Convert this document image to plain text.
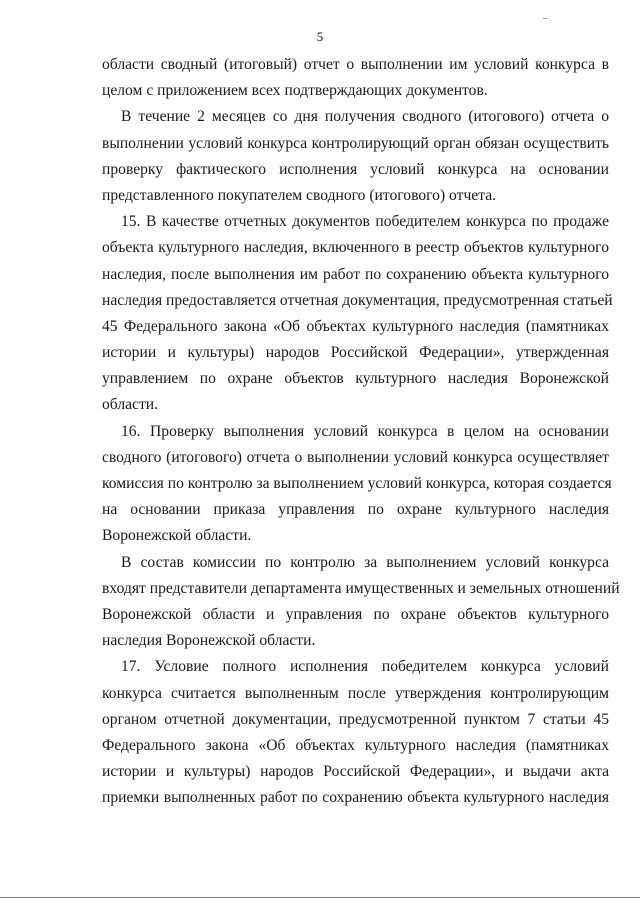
5
области сводный (итоговый) отчет о выполнении им условий конкурса в
целом с приложением всех подтверждающих документов.
В течение 2 месяцев со дня получения сводного (итогового) отчета о
выполнении условий конкурса контролирующий орган обязан осуществить
проверку фактического исполнения условий конкурса на основании
представленного покупателем сводного (итогового) отчета.
15. В качестве отчетных документов победителем конкурса по продаже
объекта культурного наследия, включенного в реестр объектов культурного
наследия, после выполнения им работ по сохранению объекта культурного
наследия предоставляется отчетная документация, предусмотренная статьей
45 Федерального закона «Об объектах культурного наследия (памятниках
истории и культуры) народов Российской Федерации», утвержденная
управлением по охране объектов культурного наследия Воронежской
области.
16. Проверку выполнения условий конкурса в целом на основании
сводного (итогового) отчета о выполнении условий конкурса осуществляет
комиссия по контролю за выполнением условий конкурса, которая создается
на основании приказа управления по охране культурного наследия
Воронежской области.
В состав комиссии по контролю за выполнением условий конкурса
входят представители департамента имущественных и земельных отношений
Воронежской области и управления по охране объектов культурного
наследия Воронежской области.
17. Условие полного исполнения победителем конкурса условий
конкурса считается выполненным после утверждения контролирующим
органом отчетной документации, предусмотренной пунктом 7 статьи 45
Федерального закона «Об объектах культурного наследия (памятниках
истории и культуры) народов Российской Федерации», и выдачи акта
приемки выполненных работ по сохранению объекта культурного наследия
